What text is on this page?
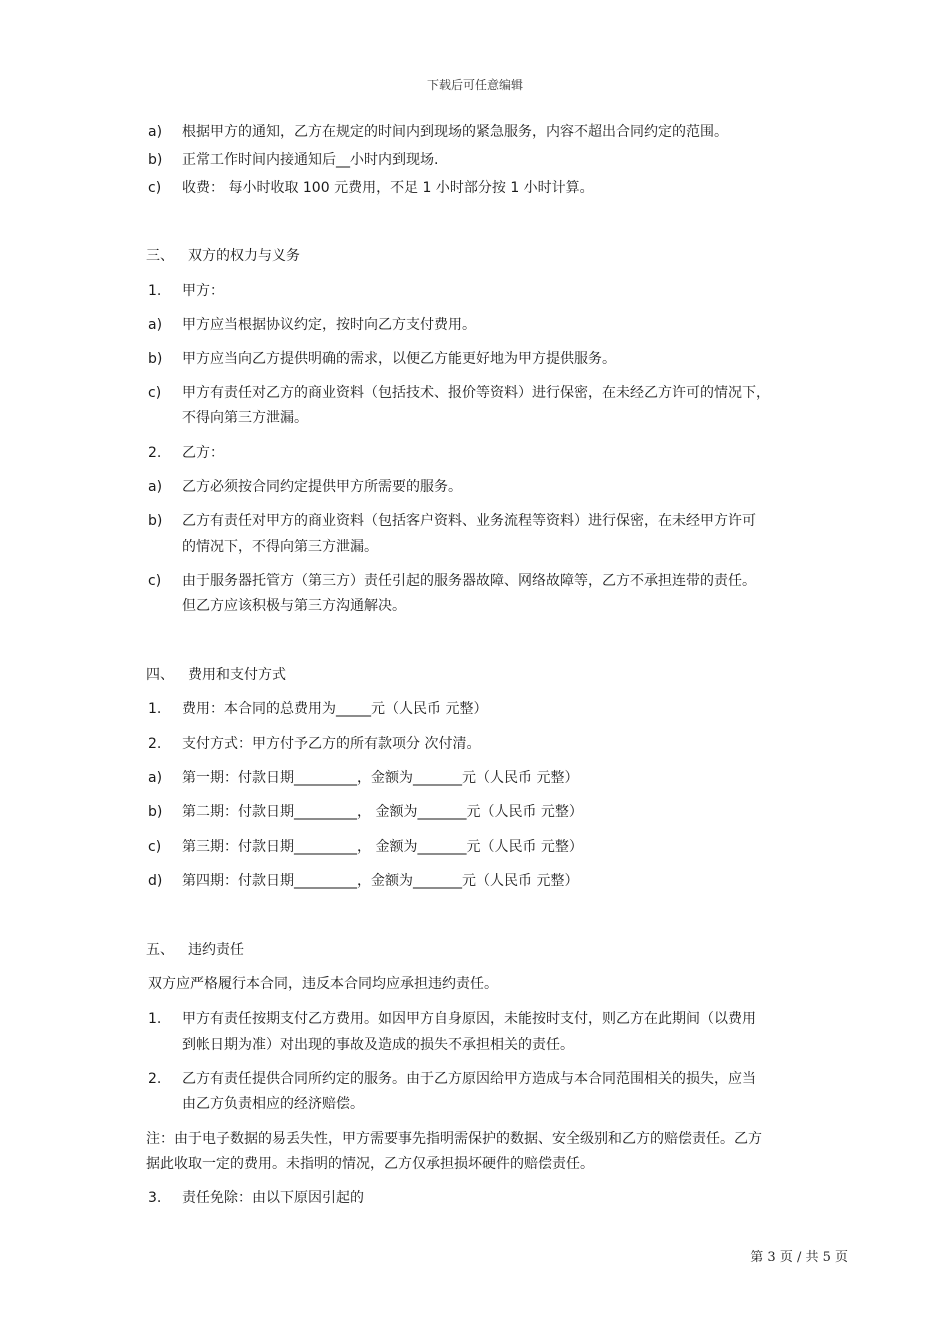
下载后可任意编辑
a)	根据甲方的通知，乙方在规定的时间内到现场的紧急服务，内容不超出合同约定的范围。
b)	正常工作时间内接通知后__小时内到现场.
c)	收费： 每小时收取 100 元费用，不足 1 小时部分按 1 小时计算。
三、 双方的权力与义务
1.	甲方：
a)	甲方应当根据协议约定，按时向乙方支付费用。
b)	甲方应当向乙方提供明确的需求，以便乙方能更好地为甲方提供服务。
c)	甲方有责任对乙方的商业资料（包括技术、报价等资料）进行保密，在未经乙方许可的情况下，
不得向第三方泄漏。
2.	乙方：
a)	乙方必须按合同约定提供甲方所需要的服务。
b)	乙方有责任对甲方的商业资料（包括客户资料、业务流程等资料）进行保密，在未经甲方许可
的情况下，不得向第三方泄漏。
c)	由于服务器托管方（第三方）责任引起的服务器故障、网络故障等，乙方不承担连带的责任。
但乙方应该积极与第三方沟通解决。
四、 费用和支付方式
1.	费用：本合同的总费用为_____元（人民币 元整）
2.	支付方式：甲方付予乙方的所有款项分 次付清。
a)	第一期：付款日期_________，金额为_______元（人民币 元整）
b)	第二期：付款日期_________， 金额为_______元（人民币 元整）
c)	第三期：付款日期_________， 金额为_______元（人民币 元整）
d)	第四期：付款日期_________，金额为_______元（人民币 元整）
五、 违约责任
双方应严格履行本合同，违反本合同均应承担违约责任。
1.	甲方有责任按期支付乙方费用。如因甲方自身原因，未能按时支付，则乙方在此期间（以费用
到帐日期为准）对出现的事故及造成的损失不承担相关的责任。
2.	乙方有责任提供合同所约定的服务。由于乙方原因给甲方造成与本合同范围相关的损失，应当
由乙方负责相应的经济赔偿。
注：由于电子数据的易丢失性，甲方需要事先指明需保护的数据、安全级别和乙方的赔偿责任。乙方
据此收取一定的费用。未指明的情况，乙方仅承担损坏硬件的赔偿责任。
3.	责任免除：由以下原因引起的
第 3 页 / 共 5 页
